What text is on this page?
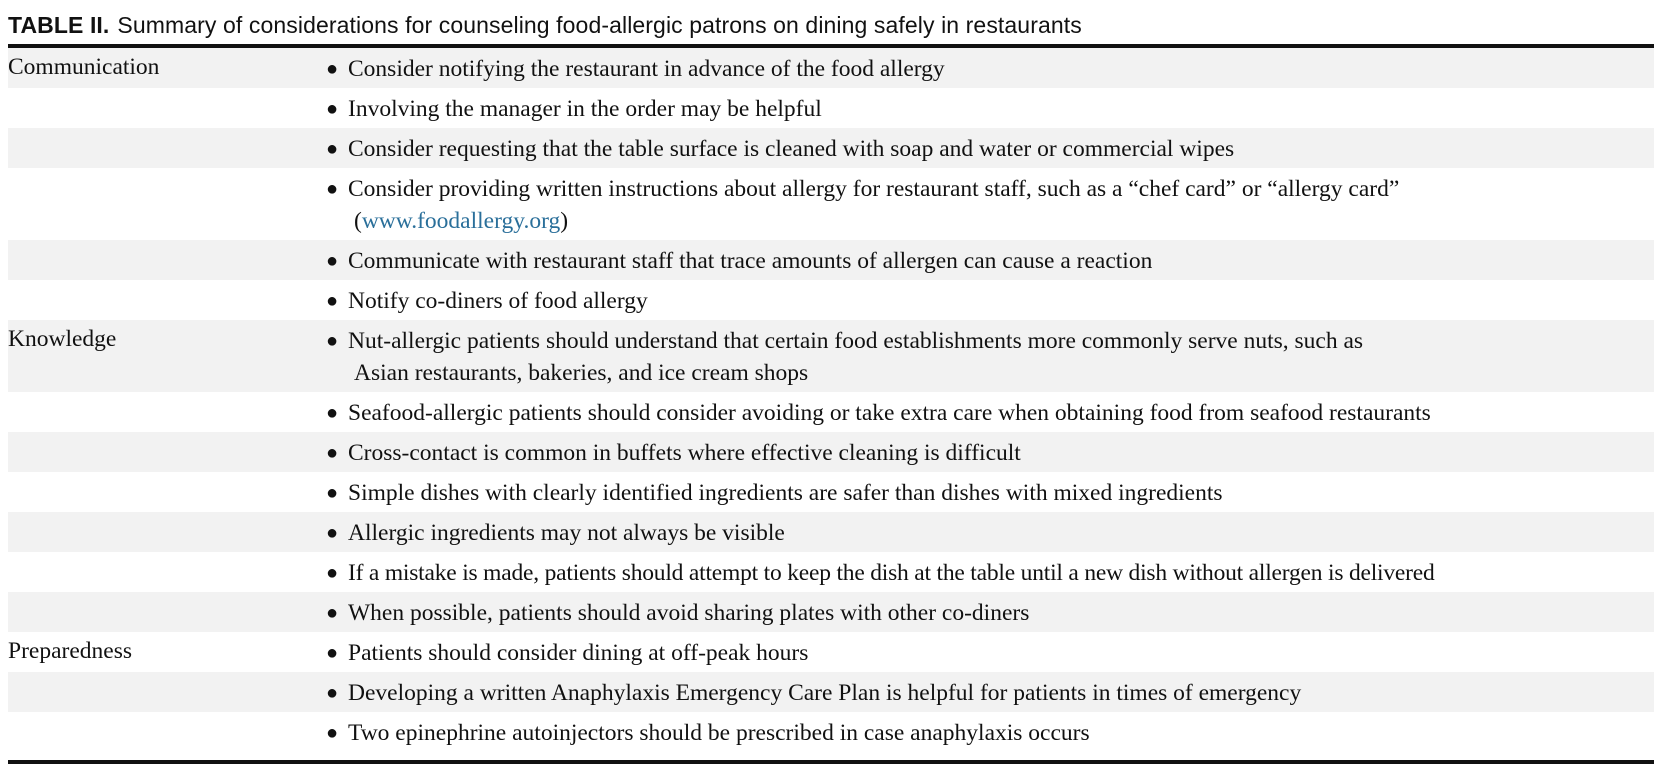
TABLE II. Summary of considerations for counseling food-allergic patrons on dining safely in restaurants
Communication	● Consider notifying the restaurant in advance of the food allergy

	● Involving the manager in the order may be helpful

	● Consider requesting that the table surface is cleaned with soap and water or commercial wipes

	● Consider providing written instructions about allergy for restaurant staff, such as a “chef card” or “allergy card”
(www.foodallergy.org)

	● Communicate with restaurant staff that trace amounts of allergen can cause a reaction

	● Notify co-diners of food allergy

Knowledge	● Nut-allergic patients should understand that certain food establishments more commonly serve nuts, such as
Asian restaurants, bakeries, and ice cream shops

	● Seafood-allergic patients should consider avoiding or take extra care when obtaining food from seafood restaurants

	● Cross-contact is common in buffets where effective cleaning is difficult

	● Simple dishes with clearly identified ingredients are safer than dishes with mixed ingredients

	● Allergic ingredients may not always be visible

	● If a mistake is made, patients should attempt to keep the dish at the table until a new dish without allergen is delivered

	● When possible, patients should avoid sharing plates with other co-diners

Preparedness	● Patients should consider dining at off-peak hours

	● Developing a written Anaphylaxis Emergency Care Plan is helpful for patients in times of emergency

	● Two epinephrine autoinjectors should be prescribed in case anaphylaxis occurs
